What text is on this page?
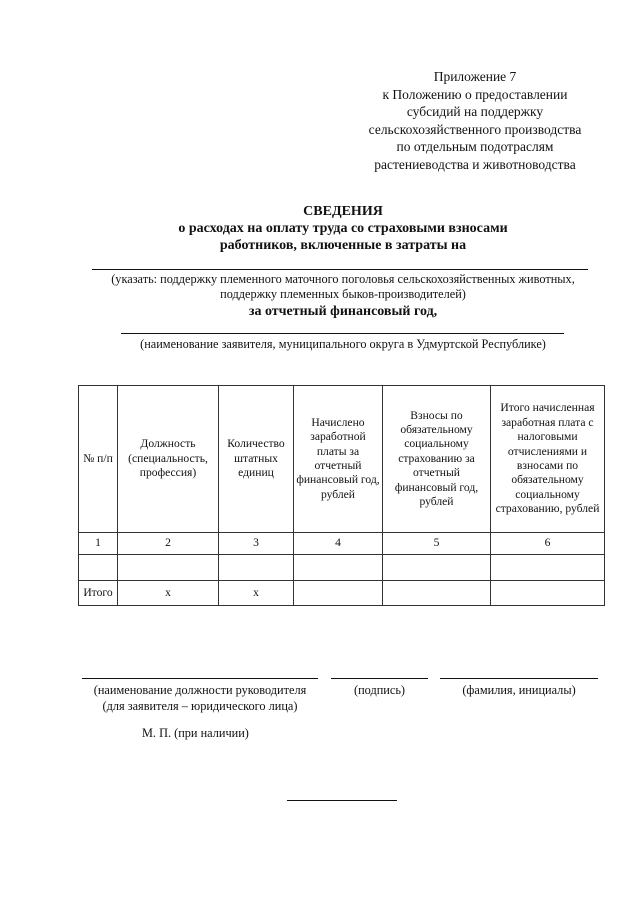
Приложение 7
к Положению о предоставлении
субсидий на поддержку
сельскохозяйственного производства
по отдельным подотраслям
растениеводства и животноводства
СВЕДЕНИЯ
о расходах на оплату труда со страховыми взносами
работников, включенные в затраты на
(указать: поддержку племенного маточного поголовья сельскохозяйственных животных,
поддержку племенных быков-производителей)
за отчетный финансовый год,
(наименование заявителя, муниципального округа в Удмуртской Республике)
№ п/п	Должность (специальность, профессия)	Количество штатных единиц	Начислено заработной платы за отчетный финансовый год, рублей	Взносы по обязательному социальному страхованию за отчетный финансовый год, рублей	Итого начисленная заработная плата с налоговыми отчислениями и взносами по обязательному социальному страхованию, рублей
1	2	3	4	5	6

Итого	х	х			
(наименование должности руководителя
(для заявителя – юридического лица)
(подпись)	(фамилия, инициалы)
М. П. (при наличии)
